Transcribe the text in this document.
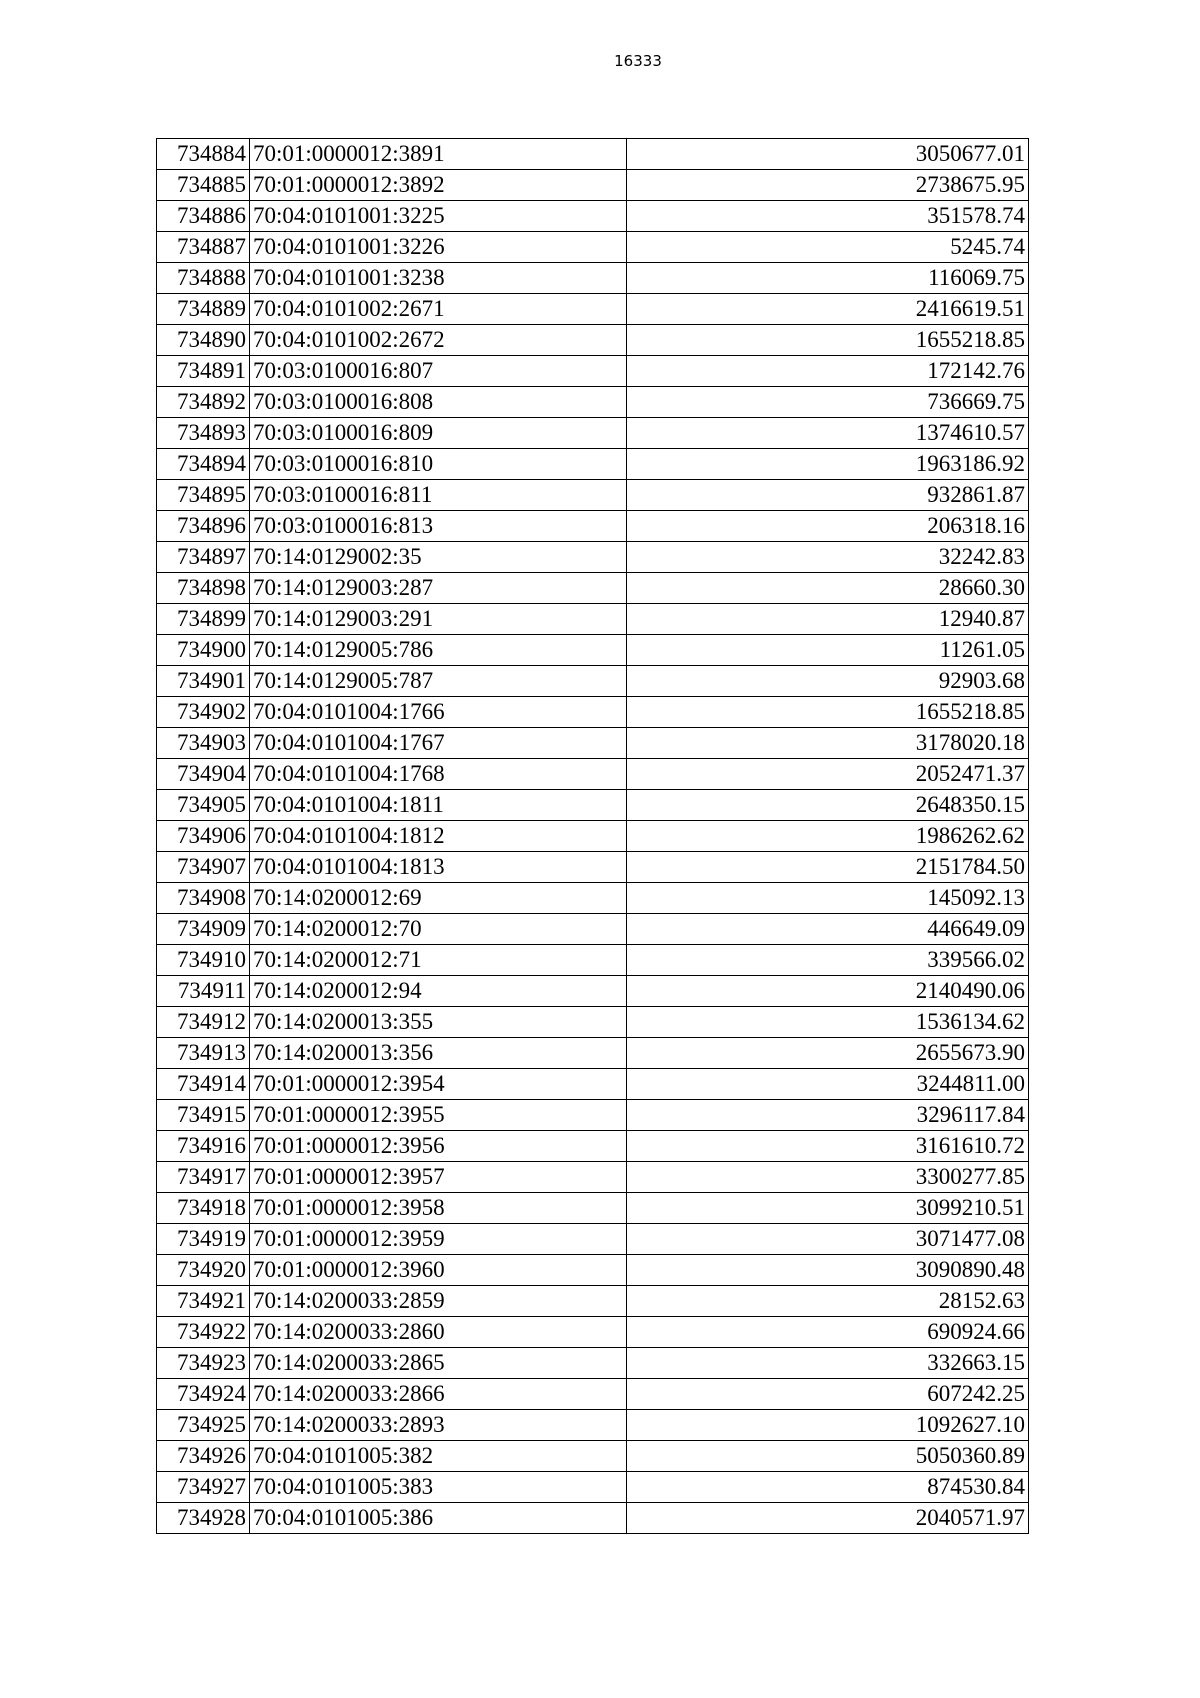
16333
734884	70:01:0000012:3891	3050677.01
734885	70:01:0000012:3892	2738675.95
734886	70:04:0101001:3225	351578.74
734887	70:04:0101001:3226	5245.74
734888	70:04:0101001:3238	116069.75
734889	70:04:0101002:2671	2416619.51
734890	70:04:0101002:2672	1655218.85
734891	70:03:0100016:807	172142.76
734892	70:03:0100016:808	736669.75
734893	70:03:0100016:809	1374610.57
734894	70:03:0100016:810	1963186.92
734895	70:03:0100016:811	932861.87
734896	70:03:0100016:813	206318.16
734897	70:14:0129002:35	32242.83
734898	70:14:0129003:287	28660.30
734899	70:14:0129003:291	12940.87
734900	70:14:0129005:786	11261.05
734901	70:14:0129005:787	92903.68
734902	70:04:0101004:1766	1655218.85
734903	70:04:0101004:1767	3178020.18
734904	70:04:0101004:1768	2052471.37
734905	70:04:0101004:1811	2648350.15
734906	70:04:0101004:1812	1986262.62
734907	70:04:0101004:1813	2151784.50
734908	70:14:0200012:69	145092.13
734909	70:14:0200012:70	446649.09
734910	70:14:0200012:71	339566.02
734911	70:14:0200012:94	2140490.06
734912	70:14:0200013:355	1536134.62
734913	70:14:0200013:356	2655673.90
734914	70:01:0000012:3954	3244811.00
734915	70:01:0000012:3955	3296117.84
734916	70:01:0000012:3956	3161610.72
734917	70:01:0000012:3957	3300277.85
734918	70:01:0000012:3958	3099210.51
734919	70:01:0000012:3959	3071477.08
734920	70:01:0000012:3960	3090890.48
734921	70:14:0200033:2859	28152.63
734922	70:14:0200033:2860	690924.66
734923	70:14:0200033:2865	332663.15
734924	70:14:0200033:2866	607242.25
734925	70:14:0200033:2893	1092627.10
734926	70:04:0101005:382	5050360.89
734927	70:04:0101005:383	874530.84
734928	70:04:0101005:386	2040571.97
